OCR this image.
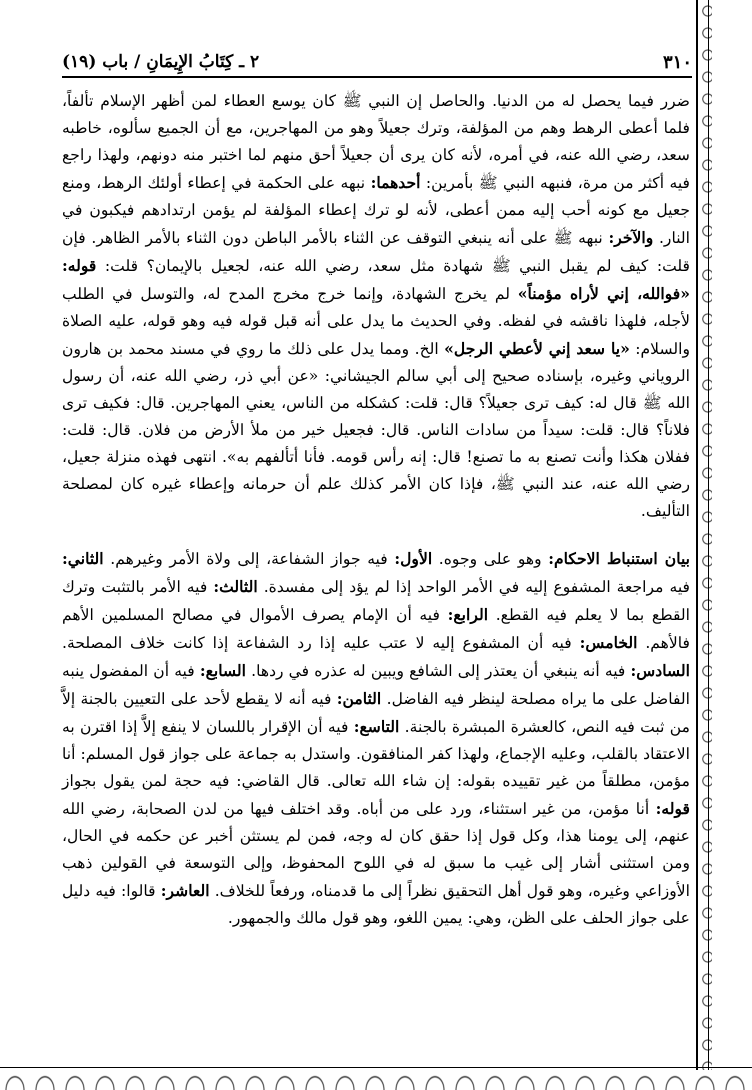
٣١٠
٢ ـ كِتَابُ الإِيمَانِ / باب (١٩)

ضرر فيما يحصل له من الدنيا. والحاصل إن النبي ﷺ كان يوسع العطاء لمن أظهر الإسلام تألفاً، فلما أعطى الرهط وهم من المؤلفة، وترك جعيلاً وهو من المهاجرين، مع أن الجميع سألوه، خاطبه سعد، رضي الله عنه، في أمره، لأنه كان يرى أن جعيلاً أحق منهم لما اختبر منه دونهم، ولهذا راجع فيه أكثر من مرة، فنبهه النبي ﷺ بأمرين: أحدهما: نبهه على الحكمة في إعطاء أولئك الرهط، ومنع جعيل مع كونه أحب إليه ممن أعطى، لأنه لو ترك إعطاء المؤلفة لم يؤمن ارتدادهم فيكبون في النار. والآخر: نبهه ﷺ على أنه ينبغي التوقف عن الثناء بالأمر الباطن دون الثناء بالأمر الظاهر. فإن قلت: كيف لم يقبل النبي ﷺ شهادة مثل سعد، رضي الله عنه، لجعيل بالإيمان؟ قلت: قوله: «فوالله، إني لأراه مؤمناً» لم يخرج الشهادة، وإنما خرج مخرج المدح له، والتوسل في الطلب لأجله، فلهذا ناقشه في لفظه. وفي الحديث ما يدل على أنه قبل قوله فيه وهو قوله، عليه الصلاة والسلام: «يا سعد إني لأعطي الرجل» الخ. ومما يدل على ذلك ما روي في مسند محمد بن هارون الروياني وغيره، بإسناده صحيح إلى أبي سالم الجيشاني: «عن أبي ذر، رضي الله عنه، أن رسول الله ﷺ قال له: كيف ترى جعيلاً؟ قال: قلت: كشكله من الناس، يعني المهاجرين. قال: فكيف ترى فلاناً؟ قال: قلت: سيداً من سادات الناس. قال: فجعيل خير من ملأ الأرض من فلان. قال: قلت: ففلان هكذا وأنت تصنع به ما تصنع! قال: إنه رأس قومه. فأنا أتألفهم به». انتهى فهذه منزلة جعيل، رضي الله عنه، عند النبي ﷺ، فإذا كان الأمر كذلك علم أن حرمانه وإعطاء غيره كان لمصلحة التأليف.

بيان استنباط الاحكام: وهو على وجوه. الأول: فيه جواز الشفاعة، إلى ولاة الأمر وغيرهم. الثاني: فيه مراجعة المشفوع إليه في الأمر الواحد إذا لم يؤد إلى مفسدة. الثالث: فيه الأمر بالتثبت وترك القطع بما لا يعلم فيه القطع. الرابع: فيه أن الإمام يصرف الأموال في مصالح المسلمين الأهم فالأهم. الخامس: فيه أن المشفوع إليه لا عتب عليه إذا رد الشفاعة إذا كانت خلاف المصلحة. السادس: فيه أنه ينبغي أن يعتذر إلى الشافع ويبين له عذره في ردها. السابع: فيه أن المفضول ينبه الفاضل على ما يراه مصلحة لينظر فيه الفاضل. الثامن: فيه أنه لا يقطع لأحد على التعيين بالجنة إلاَّ من ثبت فيه النص، كالعشرة المبشرة بالجنة. التاسع: فيه أن الإقرار باللسان لا ينفع إلاَّ إذا اقترن به الاعتقاد بالقلب، وعليه الإجماع، ولهذا كفر المنافقون. واستدل به جماعة على جواز قول المسلم: أنا مؤمن، مطلقاً من غير تقييده بقوله: إن شاء الله تعالى. قال القاضي: فيه حجة لمن يقول بجواز قوله: أنا مؤمن، من غير استثناء، ورد على من أباه. وقد اختلف فيها من لدن الصحابة، رضي الله عنهم، إلى يومنا هذا، وكل قول إذا حقق كان له وجه، فمن لم يستثن أخبر عن حكمه في الحال، ومن استثنى أشار إلى غيب ما سبق له في اللوح المحفوظ، وإلى التوسعة في القولين ذهب الأوزاعي وغيره، وهو قول أهل التحقيق نظراً إلى ما قدمناه، ورفعاً للخلاف. العاشر: قالوا: فيه دليل على جواز الحلف على الظن، وهي: يمين اللغو، وهو قول مالك والجمهور.
